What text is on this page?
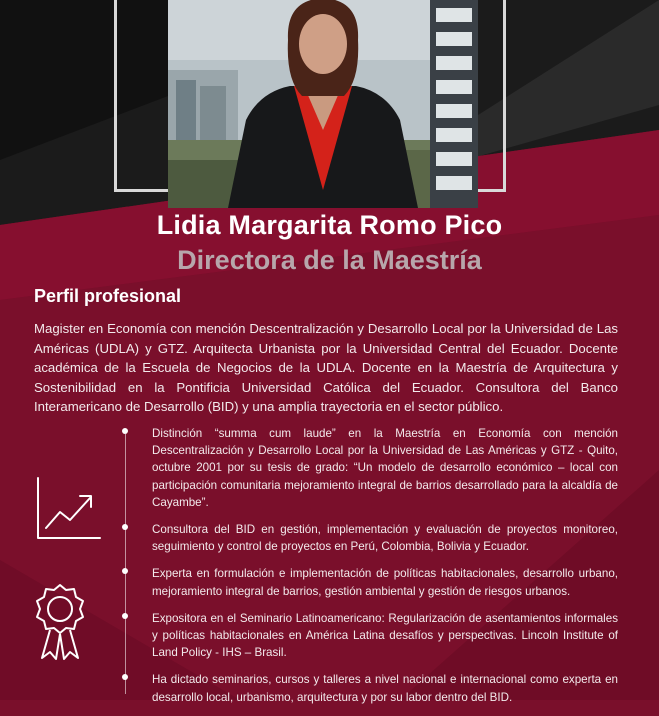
Lidia Margarita Romo Pico
Directora de la Maestría
Perfil profesional
Magister en Economía con mención Descentralización y Desarrollo Local por la Universidad de Las Américas (UDLA) y GTZ. Arquitecta Urbanista por la Universidad Central del Ecuador. Docente académica de la Escuela de Negocios de la UDLA. Docente en la Maestría de Arquitectura y Sostenibilidad en la Pontificia Universidad Católica del Ecuador. Consultora del Banco Interamericano de Desarrollo (BID) y una amplia trayectoria en el sector público.
Distinción “summa cum laude” en la Maestría en Economía con mención Descentralización y Desarrollo Local por la Universidad de Las Américas y GTZ - Quito, octubre 2001 por su tesis de grado: “Un modelo de desarrollo económico – local con participación comunitaria mejoramiento integral de barrios desarrollado para la alcaldía de Cayambe”.
Consultora del BID en gestión, implementación y evaluación de proyectos monitoreo, seguimiento y control de proyectos en Perú, Colombia, Bolivia y Ecuador.
Experta en formulación e implementación de políticas habitacionales, desarrollo urbano, mejoramiento integral de barrios, gestión ambiental y gestión de riesgos urbanos.
Expositora en el Seminario Latinoamericano: Regularización de asentamientos informales y políticas habitacionales en América Latina desafíos y perspectivas. Lincoln Institute of Land Policy - IHS – Brasil.
Ha dictado seminarios, cursos y talleres a nivel nacional e internacional como experta en desarrollo local, urbanismo, arquitectura y por su labor dentro del BID.
